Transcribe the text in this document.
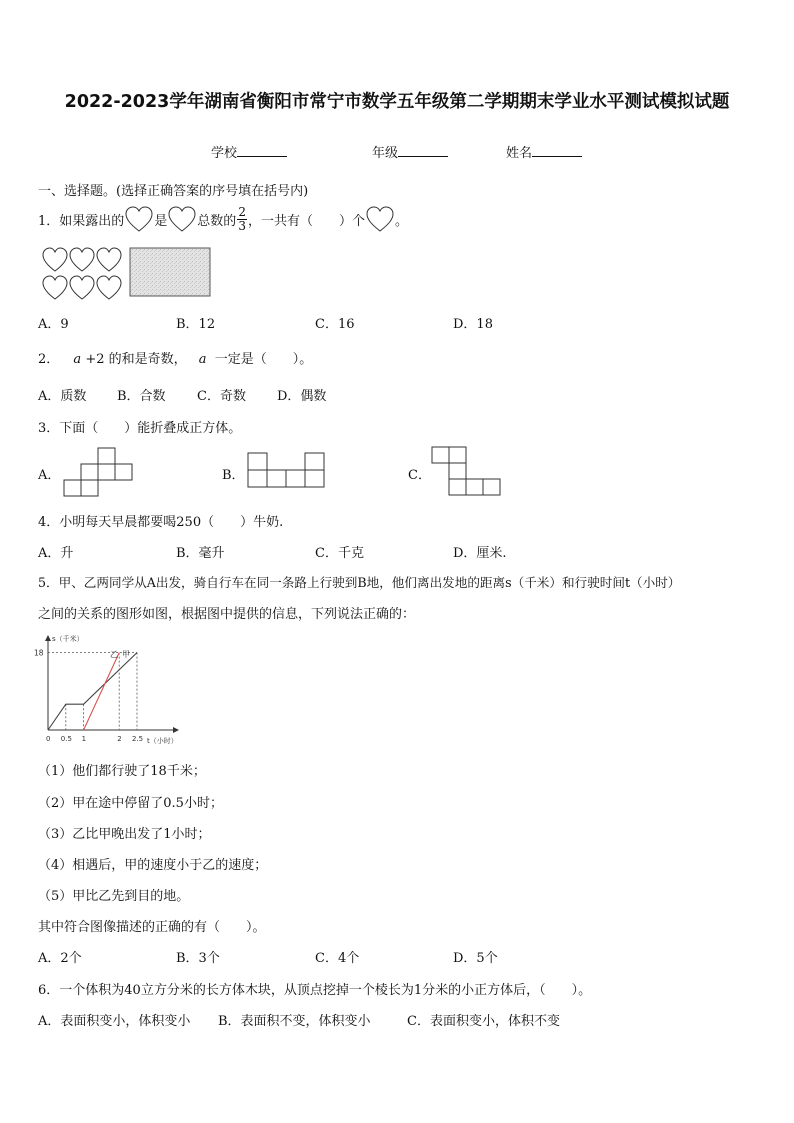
2022-2023学年湖南省衡阳市常宁市数学五年级第二学期期末学业水平测试模拟试题
学校	年级	姓名
一、选择题。(选择正确答案的序号填在括号内)
1．如果露出的 是 总数的 $\frac{2}{3}$ ，一共有（　　）个 。
A．9	B．12	C．16	D．18
2． a +2 的和是奇数， a 一定是（　　）。
A．质数 B．合数 C．奇数 D．偶数
3．下面（　　）能折叠成正方体。
A．	B．	C．
4．小明每天早晨都要喝250（　　）牛奶.
A．升	B．毫升	C．千克	D．厘米.
5．甲、乙两同学从A出发，骑自行车在同一条路上行驶到B地，他们离出发地的距离s（千米）和行驶时间t（小时）
之间的关系的图形如图，根据图中提供的信息，下列说法正确的：
s（千米）
t（小时）
0 0.5 1	2 2.5
18	乙 甲
（1）他们都行驶了18千米；
（2）甲在途中停留了0.5小时；
（3）乙比甲晚出发了1小时；
（4）相遇后，甲的速度小于乙的速度；
（5）甲比乙先到目的地。
其中符合图像描述的正确的有（　　）。
A．2个	B．3个	C．4个	D．5个
6．一个体积为40立方分米的长方体木块，从顶点挖掉一个棱长为1分米的小正方体后，（　　）。
A．表面积变小，体积变小 B．表面积不变，体积变小	C．表面积变小，体积不变
